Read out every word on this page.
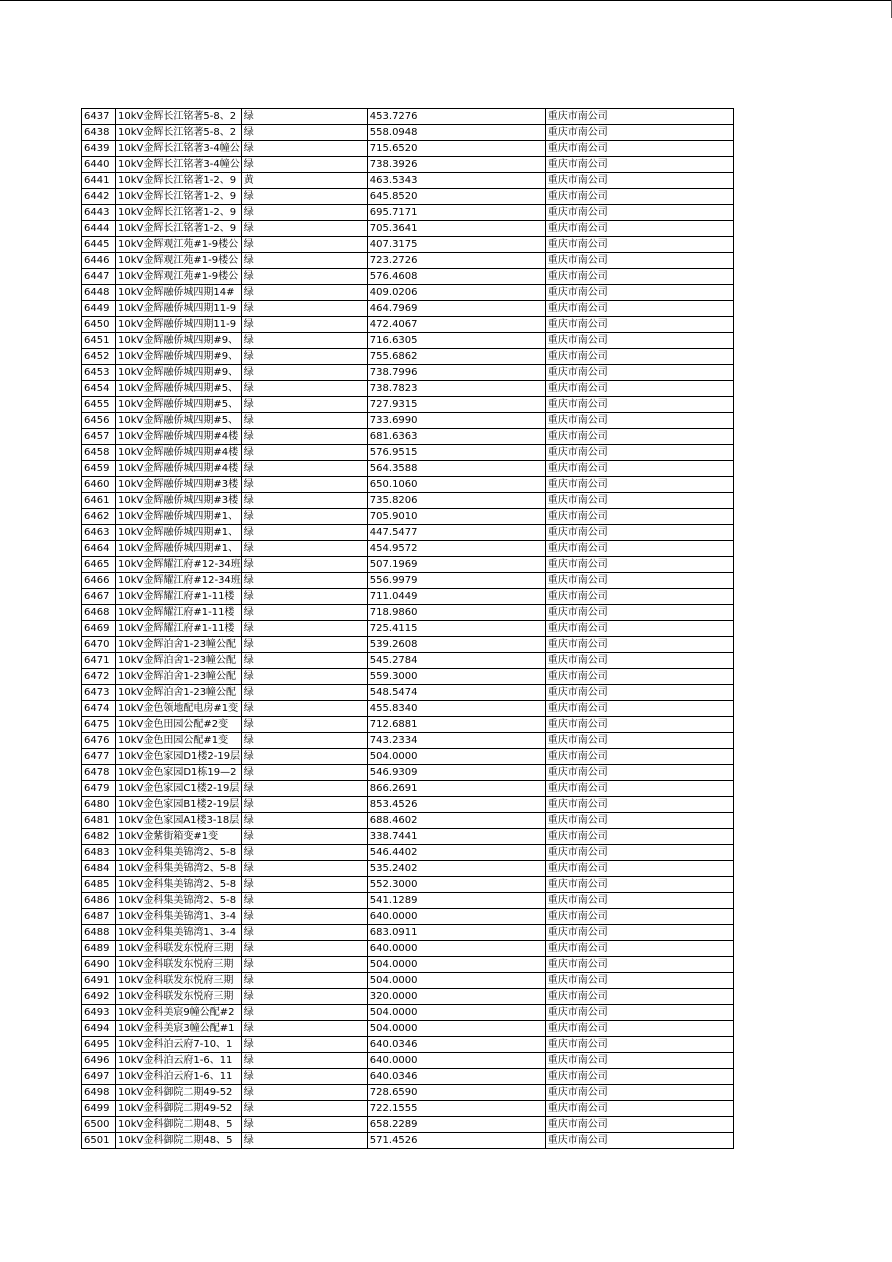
6437	10kV金辉长江铭著5-8、2	绿	453.7276	重庆市南公司
6438	10kV金辉长江铭著5-8、2	绿	558.0948	重庆市南公司
6439	10kV金辉长江铭著3-4幢公	绿	715.6520	重庆市南公司
6440	10kV金辉长江铭著3-4幢公	绿	738.3926	重庆市南公司
6441	10kV金辉长江铭著1-2、9	黄	463.5343	重庆市南公司
6442	10kV金辉长江铭著1-2、9	绿	645.8520	重庆市南公司
6443	10kV金辉长江铭著1-2、9	绿	695.7171	重庆市南公司
6444	10kV金辉长江铭著1-2、9	绿	705.3641	重庆市南公司
6445	10kV金辉观江苑#1-9楼公	绿	407.3175	重庆市南公司
6446	10kV金辉观江苑#1-9楼公	绿	723.2726	重庆市南公司
6447	10kV金辉观江苑#1-9楼公	绿	576.4608	重庆市南公司
6448	10kV金辉融侨城四期14#	绿	409.0206	重庆市南公司
6449	10kV金辉融侨城四期11-9	绿	464.7969	重庆市南公司
6450	10kV金辉融侨城四期11-9	绿	472.4067	重庆市南公司
6451	10kV金辉融侨城四期#9、	绿	716.6305	重庆市南公司
6452	10kV金辉融侨城四期#9、	绿	755.6862	重庆市南公司
6453	10kV金辉融侨城四期#9、	绿	738.7996	重庆市南公司
6454	10kV金辉融侨城四期#5、	绿	738.7823	重庆市南公司
6455	10kV金辉融侨城四期#5、	绿	727.9315	重庆市南公司
6456	10kV金辉融侨城四期#5、	绿	733.6990	重庆市南公司
6457	10kV金辉融侨城四期#4楼	绿	681.6363	重庆市南公司
6458	10kV金辉融侨城四期#4楼	绿	576.9515	重庆市南公司
6459	10kV金辉融侨城四期#4楼	绿	564.3588	重庆市南公司
6460	10kV金辉融侨城四期#3楼	绿	650.1060	重庆市南公司
6461	10kV金辉融侨城四期#3楼	绿	735.8206	重庆市南公司
6462	10kV金辉融侨城四期#1、	绿	705.9010	重庆市南公司
6463	10kV金辉融侨城四期#1、	绿	447.5477	重庆市南公司
6464	10kV金辉融侨城四期#1、	绿	454.9572	重庆市南公司
6465	10kV金辉耀江府#12-34班	绿	507.1969	重庆市南公司
6466	10kV金辉耀江府#12-34班	绿	556.9979	重庆市南公司
6467	10kV金辉耀江府#1-11楼	绿	711.0449	重庆市南公司
6468	10kV金辉耀江府#1-11楼	绿	718.9860	重庆市南公司
6469	10kV金辉耀江府#1-11楼	绿	725.4115	重庆市南公司
6470	10kV金辉泊舍1-23幢公配	绿	539.2608	重庆市南公司
6471	10kV金辉泊舍1-23幢公配	绿	545.2784	重庆市南公司
6472	10kV金辉泊舍1-23幢公配	绿	559.3000	重庆市南公司
6473	10kV金辉泊舍1-23幢公配	绿	548.5474	重庆市南公司
6474	10kV金色领地配电房#1变	绿	455.8340	重庆市南公司
6475	10kV金色田园公配#2变	绿	712.6881	重庆市南公司
6476	10kV金色田园公配#1变	绿	743.2334	重庆市南公司
6477	10kV金色家园D1楼2-19层	绿	504.0000	重庆市南公司
6478	10kV金色家园D1栋19—2	绿	546.9309	重庆市南公司
6479	10kV金色家园C1楼2-19层	绿	866.2691	重庆市南公司
6480	10kV金色家园B1楼2-19层	绿	853.4526	重庆市南公司
6481	10kV金色家园A1楼3-18层	绿	688.4602	重庆市南公司
6482	10kV金紫街箱变#1变	绿	338.7441	重庆市南公司
6483	10kV金科集美锦湾2、5-8	绿	546.4402	重庆市南公司
6484	10kV金科集美锦湾2、5-8	绿	535.2402	重庆市南公司
6485	10kV金科集美锦湾2、5-8	绿	552.3000	重庆市南公司
6486	10kV金科集美锦湾2、5-8	绿	541.1289	重庆市南公司
6487	10kV金科集美锦湾1、3-4	绿	640.0000	重庆市南公司
6488	10kV金科集美锦湾1、3-4	绿	683.0911	重庆市南公司
6489	10kV金科联发东悦府三期	绿	640.0000	重庆市南公司
6490	10kV金科联发东悦府三期	绿	504.0000	重庆市南公司
6491	10kV金科联发东悦府三期	绿	504.0000	重庆市南公司
6492	10kV金科联发东悦府三期	绿	320.0000	重庆市南公司
6493	10kV金科美宸9幢公配#2	绿	504.0000	重庆市南公司
6494	10kV金科美宸3幢公配#1	绿	504.0000	重庆市南公司
6495	10kV金科泊云府7-10、1	绿	640.0346	重庆市南公司
6496	10kV金科泊云府1-6、11	绿	640.0000	重庆市南公司
6497	10kV金科泊云府1-6、11	绿	640.0346	重庆市南公司
6498	10kV金科御院二期49-52	绿	728.6590	重庆市南公司
6499	10kV金科御院二期49-52	绿	722.1555	重庆市南公司
6500	10kV金科御院二期48、5	绿	658.2289	重庆市南公司
6501	10kV金科御院二期48、5	绿	571.4526	重庆市南公司
